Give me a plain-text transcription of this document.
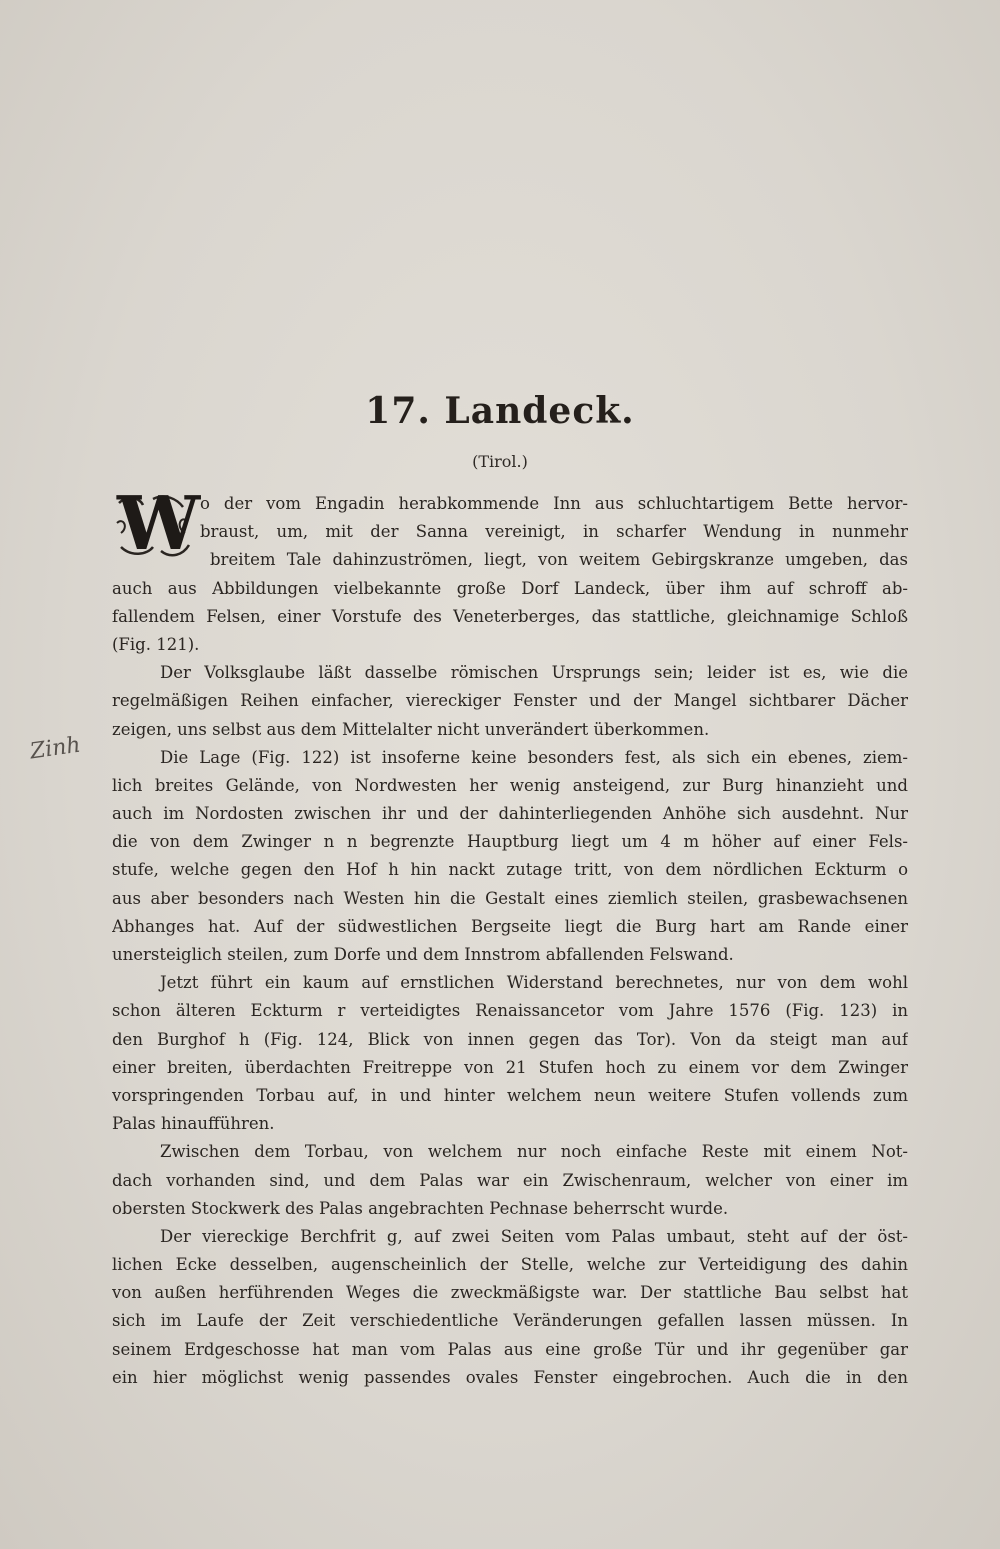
17. Landeck.
(Tirol.)
Zinh
W o der vom Engadin herabkommende Inn aus schluchtartigem Bette hervor-
braust, um, mit der Sanna vereinigt, in scharfer Wendung in nunmehr
breitem Tale dahinzuströmen, liegt, von weitem Gebirgskranze umgeben, das
auch aus Abbildungen vielbekannte große Dorf Landeck, über ihm auf schroff ab-
fallendem Felsen, einer Vorstufe des Veneterberges, das stattliche, gleichnamige Schloß
(Fig. 121).

Der Volksglaube läßt dasselbe römischen Ursprungs sein; leider ist es, wie die
regelmäßigen Reihen einfacher, viereckiger Fenster und der Mangel sichtbarer Dächer
zeigen, uns selbst aus dem Mittelalter nicht unverändert überkommen.

Die Lage (Fig. 122) ist insoferne keine besonders fest, als sich ein ebenes, ziem-
lich breites Gelände, von Nordwesten her wenig ansteigend, zur Burg hinanzieht und
auch im Nordosten zwischen ihr und der dahinterliegenden Anhöhe sich ausdehnt. Nur
die von dem Zwinger n n begrenzte Hauptburg liegt um 4 m höher auf einer Fels-
stufe, welche gegen den Hof h hin nackt zutage tritt, von dem nördlichen Eckturm o
aus aber besonders nach Westen hin die Gestalt eines ziemlich steilen, grasbewachsenen
Abhanges hat. Auf der südwestlichen Bergseite liegt die Burg hart am Rande einer
unersteiglich steilen, zum Dorfe und dem Innstrom abfallenden Felswand.

Jetzt führt ein kaum auf ernstlichen Widerstand berechnetes, nur von dem wohl
schon älteren Eckturm r verteidigtes Renaissancetor vom Jahre 1576 (Fig. 123) in
den Burghof h (Fig. 124, Blick von innen gegen das Tor). Von da steigt man auf
einer breiten, überdachten Freitreppe von 21 Stufen hoch zu einem vor dem Zwinger
vorspringenden Torbau auf, in und hinter welchem neun weitere Stufen vollends zum
Palas hinaufführen.

Zwischen dem Torbau, von welchem nur noch einfache Reste mit einem Not-
dach vorhanden sind, und dem Palas war ein Zwischenraum, welcher von einer im
obersten Stockwerk des Palas angebrachten Pechnase beherrscht wurde.

Der viereckige Berchfrit g, auf zwei Seiten vom Palas umbaut, steht auf der öst-
lichen Ecke desselben, augenscheinlich der Stelle, welche zur Verteidigung des dahin
von außen herführenden Weges die zweckmäßigste war. Der stattliche Bau selbst hat
sich im Laufe der Zeit verschiedentliche Veränderungen gefallen lassen müssen. In
seinem Erdgeschosse hat man vom Palas aus eine große Tür und ihr gegenüber gar
ein hier möglichst wenig passendes ovales Fenster eingebrochen. Auch die in den
